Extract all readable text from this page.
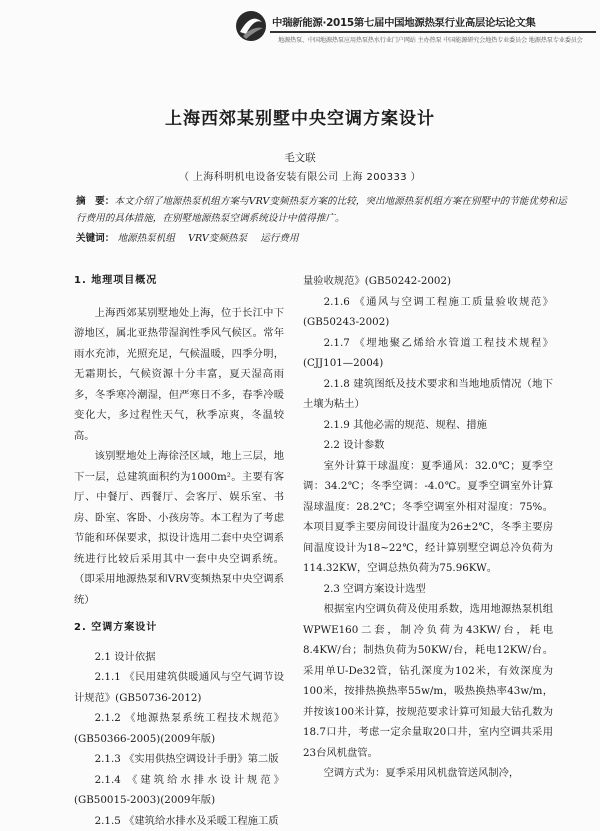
中瑞新能源·2015第七届中国地源热泵行业高层论坛论文集
地源热泵、中国地源热泵应用热泵热水行业门户网站 主办热泵 中国能源研究会地热专业委员会 地源热泵专业委员会
上海西郊某别墅中央空调方案设计
毛文联
（ 上海科明机电设备安装有限公司 上海 200333 ）
摘　要：本文介绍了地源热泵机组方案与VRV变频热泵方案的比较，突出地源热泵机组方案在别墅中的节能优势和运行费用的具体措施，在别墅地源热泵空调系统设计中值得推广。
关键词： 地源热泵机组 VRV变频热泵 运行费用
1. 地理项目概况

上海西郊某别墅地处上海，位于长江中下游地区，属北亚热带湿润性季风气候区。常年雨水充沛，光照充足，气候温暖，四季分明，无霜期长，气候资源十分丰富，夏天湿高雨多，冬季寒冷潮湿，但严寒日不多，春季冷暖变化大，多过程性天气，秋季凉爽，冬温较高。

该别墅地处上海徐泾区域，地上三层，地下一层，总建筑面积约为1000m²。主要有客厅、中餐厅、西餐厅、会客厅、娱乐室、书房、卧室、客卧、小孩房等。本工程为了考虑节能和环保要求，拟设计选用二套中央空调系统进行比较后采用其中一套中央空调系统。（即采用地源热泵和VRV变频热泵中央空调系统）

2. 空调方案设计

2.1 设计依据

2.1.1 《民用建筑供暖通风与空气调节设计规范》(GB50736-2012)

2.1.2 《地源热泵系统工程技术规范》(GB50366-2005)(2009年版)

2.1.3 《实用供热空调设计手册》第二版

2.1.4 《建筑给水排水设计规范》(GB50015-2003)(2009年版)

2.1.5 《建筑给水排水及采暖工程施工质

量验收规范》(GB50242-2002)

2.1.6 《通风与空调工程施工质量验收规范》(GB50243-2002)

2.1.7 《埋地聚乙烯给水管道工程技术规程》(CJJ101—2004)

2.1.8 建筑图纸及技术要求和当地地质情况（地下土壤为粘土）

2.1.9 其他必需的规范、规程、措施

2.2 设计参数

室外计算干球温度：夏季通风：32.0℃；夏季空调：34.2℃；冬季空调：-4.0℃。夏季空调室外计算湿球温度：28.2℃；冬季空调室外相对湿度：75%。本项目夏季主要房间设计温度为26±2℃，冬季主要房间温度设计为18~22℃，经计算别墅空调总冷负荷为114.32KW，空调总热负荷为75.96KW。

2.3 空调方案设计选型

根据室内空调负荷及使用系数，选用地源热泵机组WPWE160二套，制冷负荷为43KW/台，耗电8.4KW/台；制热负荷为50KW/台，耗电12KW/台。采用单U-De32管，钻孔深度为102米，有效深度为100米，按排热换热率55w/m，吸热换热率43w/m，并按该100米计算，按规范要求计算可知最大钻孔数为18.7口井，考虑一定余量取20口井，室内空调共采用23台风机盘管。

空调方式为：夏季采用风机盘管送风制冷，
